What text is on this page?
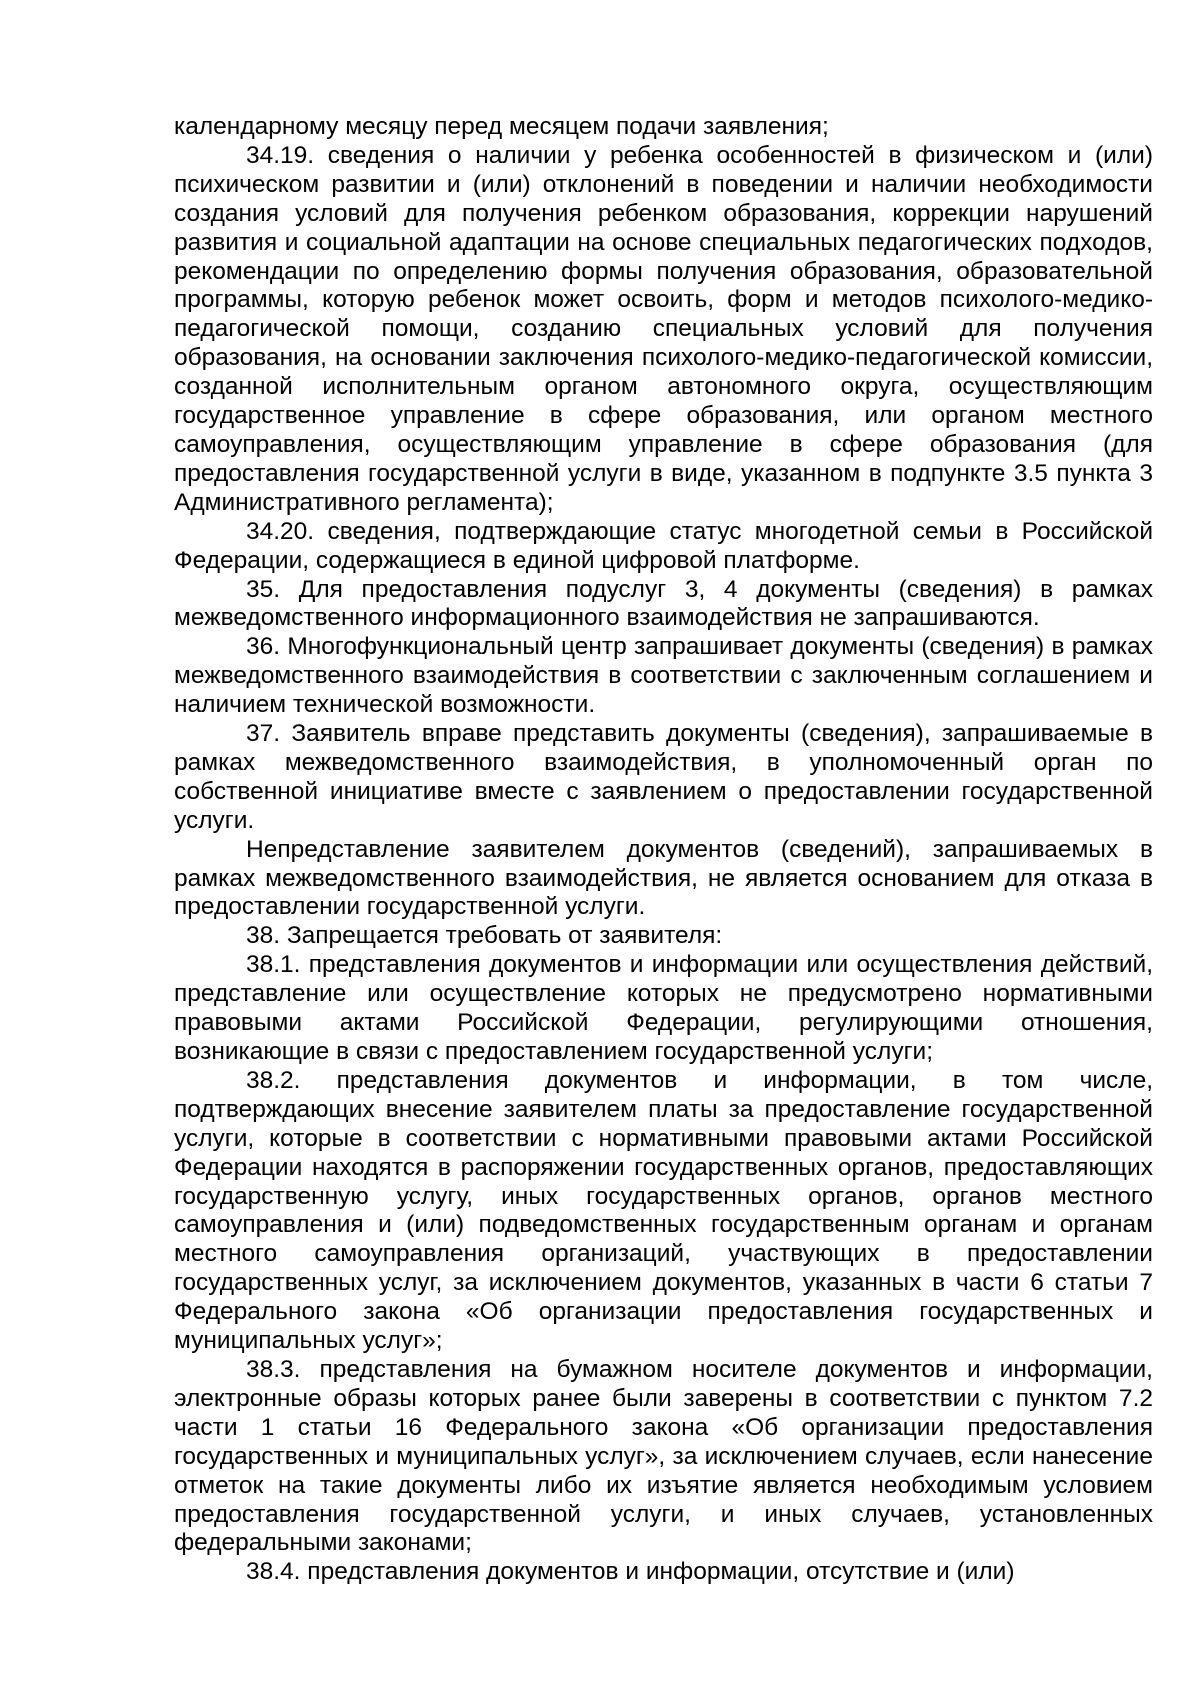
календарному месяцу перед месяцем подачи заявления;

34.19. сведения о наличии у ребенка особенностей в физическом и (или) психическом развитии и (или) отклонений в поведении и наличии необходимости создания условий для получения ребенком образования, коррекции нарушений развития и социальной адаптации на основе специальных педагогических подходов, рекомендации по определению формы получения образования, образовательной программы, которую ребенок может освоить, форм и методов психолого-медико-педагогической помощи, созданию специальных условий для получения образования, на основании заключения психолого-медико-педагогической комиссии, созданной исполнительным органом автономного округа, осуществляющим государственное управление в сфере образования, или органом местного самоуправления, осуществляющим управление в сфере образования (для предоставления государственной услуги в виде, указанном в подпункте 3.5 пункта 3 Административного регламента);

34.20. сведения, подтверждающие статус многодетной семьи в Российской Федерации, содержащиеся в единой цифровой платформе.

35. Для предоставления подуслуг 3, 4 документы (сведения) в рамках межведомственного информационного взаимодействия не запрашиваются.

36. Многофункциональный центр запрашивает документы (сведения) в рамках межведомственного взаимодействия в соответствии с заключенным соглашением и наличием технической возможности.

37. Заявитель вправе представить документы (сведения), запрашиваемые в рамках межведомственного взаимодействия, в уполномоченный орган по собственной инициативе вместе с заявлением о предоставлении государственной услуги.

Непредставление заявителем документов (сведений), запрашиваемых в рамках межведомственного взаимодействия, не является основанием для отказа в предоставлении государственной услуги.

38. Запрещается требовать от заявителя:

38.1. представления документов и информации или осуществления действий, представление или осуществление которых не предусмотрено нормативными правовыми актами Российской Федерации, регулирующими отношения, возникающие в связи с предоставлением государственной услуги;

38.2. представления документов и информации, в том числе, подтверждающих внесение заявителем платы за предоставление государственной услуги, которые в соответствии с нормативными правовыми актами Российской Федерации находятся в распоряжении государственных органов, предоставляющих государственную услугу, иных государственных органов, органов местного самоуправления и (или) подведомственных государственным органам и органам местного самоуправления организаций, участвующих в предоставлении государственных услуг, за исключением документов, указанных в части 6 статьи 7 Федерального закона «Об организации предоставления государственных и муниципальных услуг»;

38.3. представления на бумажном носителе документов и информации, электронные образы которых ранее были заверены в соответствии с пунктом 7.2 части 1 статьи 16 Федерального закона «Об организации предоставления государственных и муниципальных услуг», за исключением случаев, если нанесение отметок на такие документы либо их изъятие является необходимым условием предоставления государственной услуги, и иных случаев, установленных федеральными законами;

38.4. представления документов и информации, отсутствие и (или)
